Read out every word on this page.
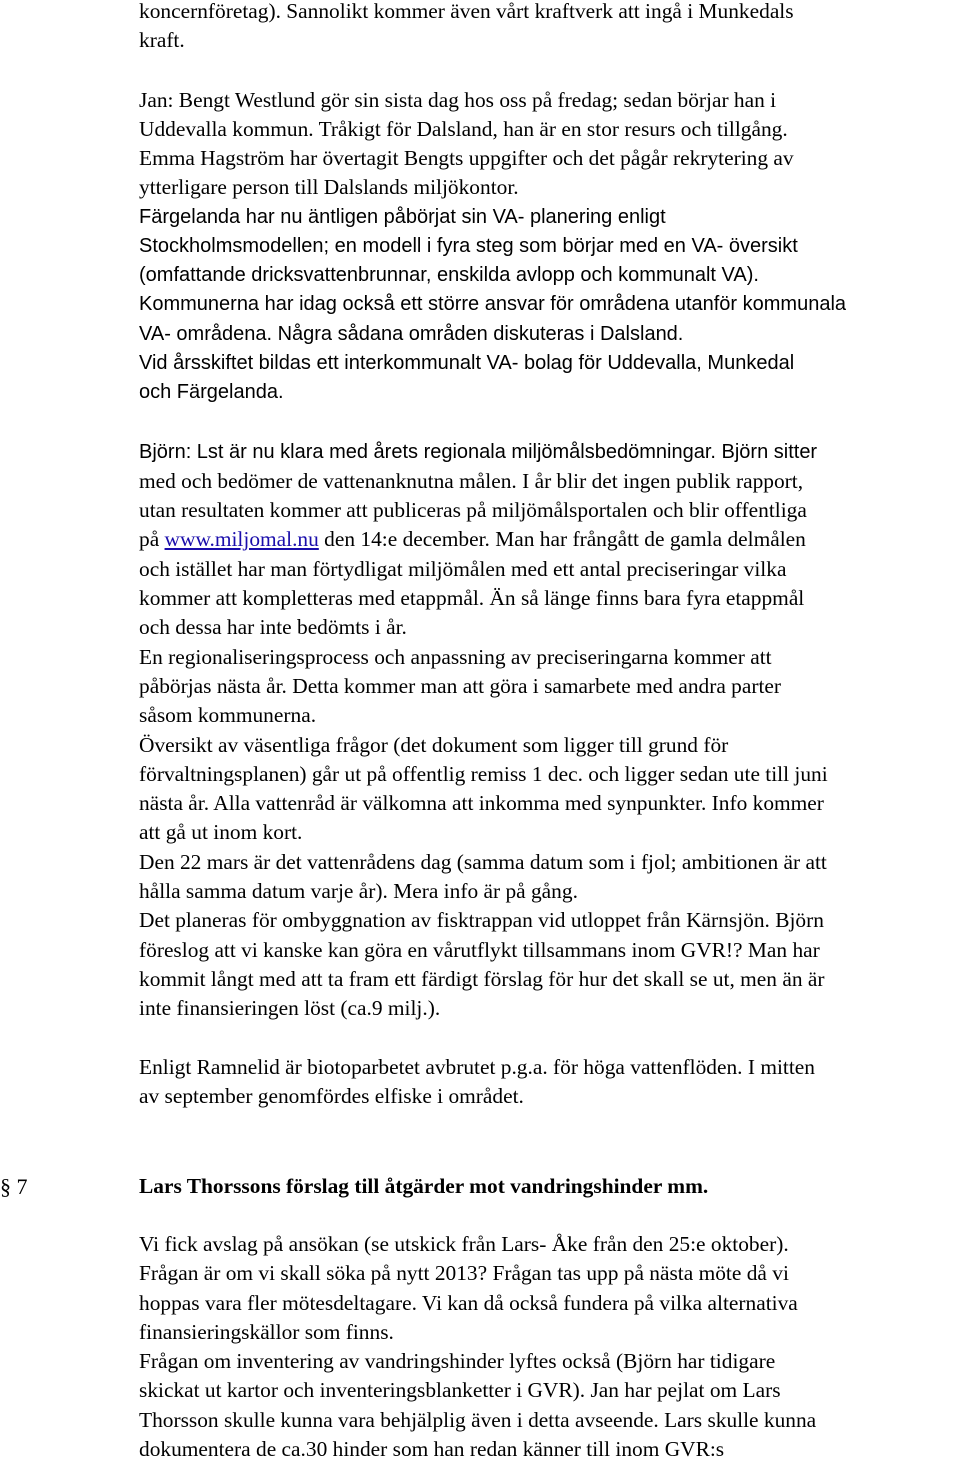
koncernföretag). Sannolikt kommer även vårt kraftverk att ingå i Munkedals
kraft.
Jan: Bengt Westlund gör sin sista dag hos oss på fredag; sedan börjar han i
Uddevalla kommun. Tråkigt för Dalsland, han är en stor resurs och tillgång.
Emma Hagström har övertagit Bengts uppgifter och det pågår rekrytering av
ytterligare person till Dalslands miljökontor.
Färgelanda har nu äntligen påbörjat sin VA- planering enligt
Stockholmsmodellen; en modell i fyra steg som börjar med en VA- översikt
(omfattande dricksvattenbrunnar, enskilda avlopp och kommunalt VA).
Kommunerna har idag också ett större ansvar för områdena utanför kommunala
VA- områdena. Några sådana områden diskuteras i Dalsland.
Vid årsskiftet bildas ett interkommunalt VA- bolag för Uddevalla, Munkedal
och Färgelanda.
Björn: Lst är nu klara med årets regionala miljömålsbedömningar. Björn sitter
med och bedömer de vattenanknutna målen. I år blir det ingen publik rapport,
utan resultaten kommer att publiceras på miljömålsportalen och blir offentliga
på www.miljomal.nu den 14:e december. Man har frångått de gamla delmålen
och istället har man förtydligat miljömålen med ett antal preciseringar vilka
kommer att kompletteras med etappmål. Än så länge finns bara fyra etappmål
och dessa har inte bedömts i år.
En regionaliseringsprocess och anpassning av preciseringarna kommer att
påbörjas nästa år. Detta kommer man att göra i samarbete med andra parter
såsom kommunerna.
Översikt av väsentliga frågor (det dokument som ligger till grund för
förvaltningsplanen) går ut på offentlig remiss 1 dec. och ligger sedan ute till juni
nästa år. Alla vattenråd är välkomna att inkomma med synpunkter. Info kommer
att gå ut inom kort.
Den 22 mars är det vattenrådens dag (samma datum som i fjol; ambitionen är att
hålla samma datum varje år). Mera info är på gång.
Det planeras för ombyggnation av fisktrappan vid utloppet från Kärnsjön. Björn
föreslog att vi kanske kan göra en vårutflykt tillsammans inom GVR!? Man har
kommit långt med att ta fram ett färdigt förslag för hur det skall se ut, men än är
inte finansieringen löst (ca.9 milj.).
Enligt Ramnelid är biotoparbetet avbrutet p.g.a. för höga vattenflöden. I mitten
av september genomfördes elfiske i området.
§ 7	Lars Thorssons förslag till åtgärder mot vandringshinder mm.
Vi fick avslag på ansökan (se utskick från Lars- Åke från den 25:e oktober).
Frågan är om vi skall söka på nytt 2013? Frågan tas upp på nästa möte då vi
hoppas vara fler mötesdeltagare. Vi kan då också fundera på vilka alternativa
finansieringskällor som finns.
Frågan om inventering av vandringshinder lyftes också (Björn har tidigare
skickat ut kartor och inventeringsblanketter i GVR). Jan har pejlat om Lars
Thorsson skulle kunna vara behjälplig även i detta avseende. Lars skulle kunna
dokumentera de ca.30 hinder som han redan känner till inom GVR:s
